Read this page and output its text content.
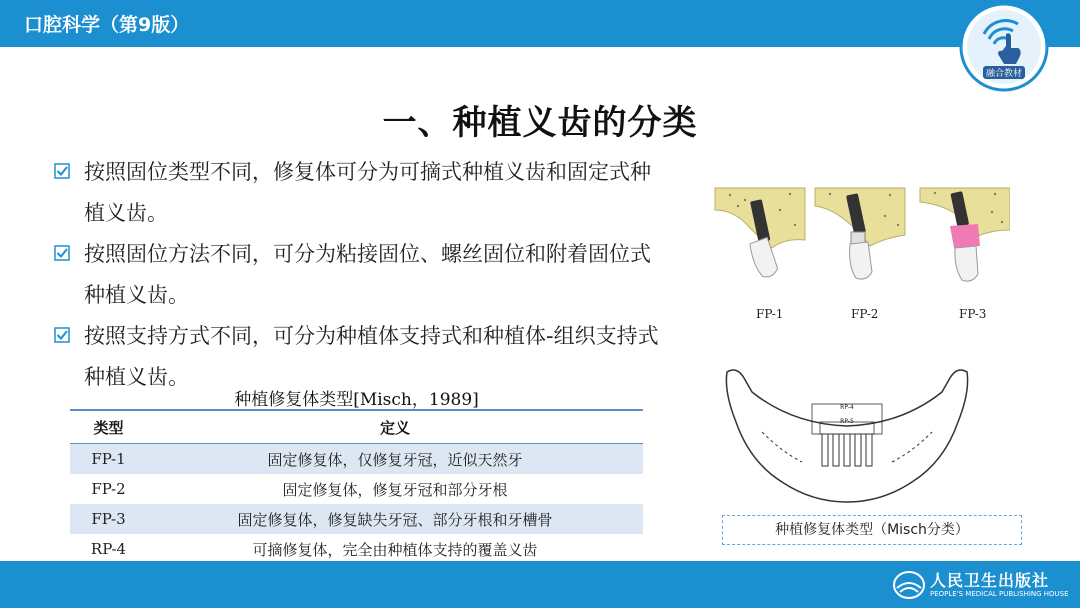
口腔科学（第9版）
融合教材
一、种植义齿的分类
按照固位类型不同，修复体可分为可摘式种植义齿和固定式种植义齿。
按照固位方法不同，可分为粘接固位、螺丝固位和附着固位式种植义齿。
按照支持方式不同，可分为种植体支持式和种植体-组织支持式种植义齿。
种植修复体类型[Misch，1989]
类型	定义
FP-1	固定修复体，仅修复牙冠，近似天然牙
FP-2	固定修复体，修复牙冠和部分牙根
FP-3	固定修复体，修复缺失牙冠、部分牙根和牙槽骨
RP-4	可摘修复体，完全由种植体支持的覆盖义齿
FP-1	FP-2	FP-3
RP-4
RP-5
种植修复体类型（Misch分类）
人民卫生出版社
PEOPLE'S MEDICAL PUBLISHING HOUSE
